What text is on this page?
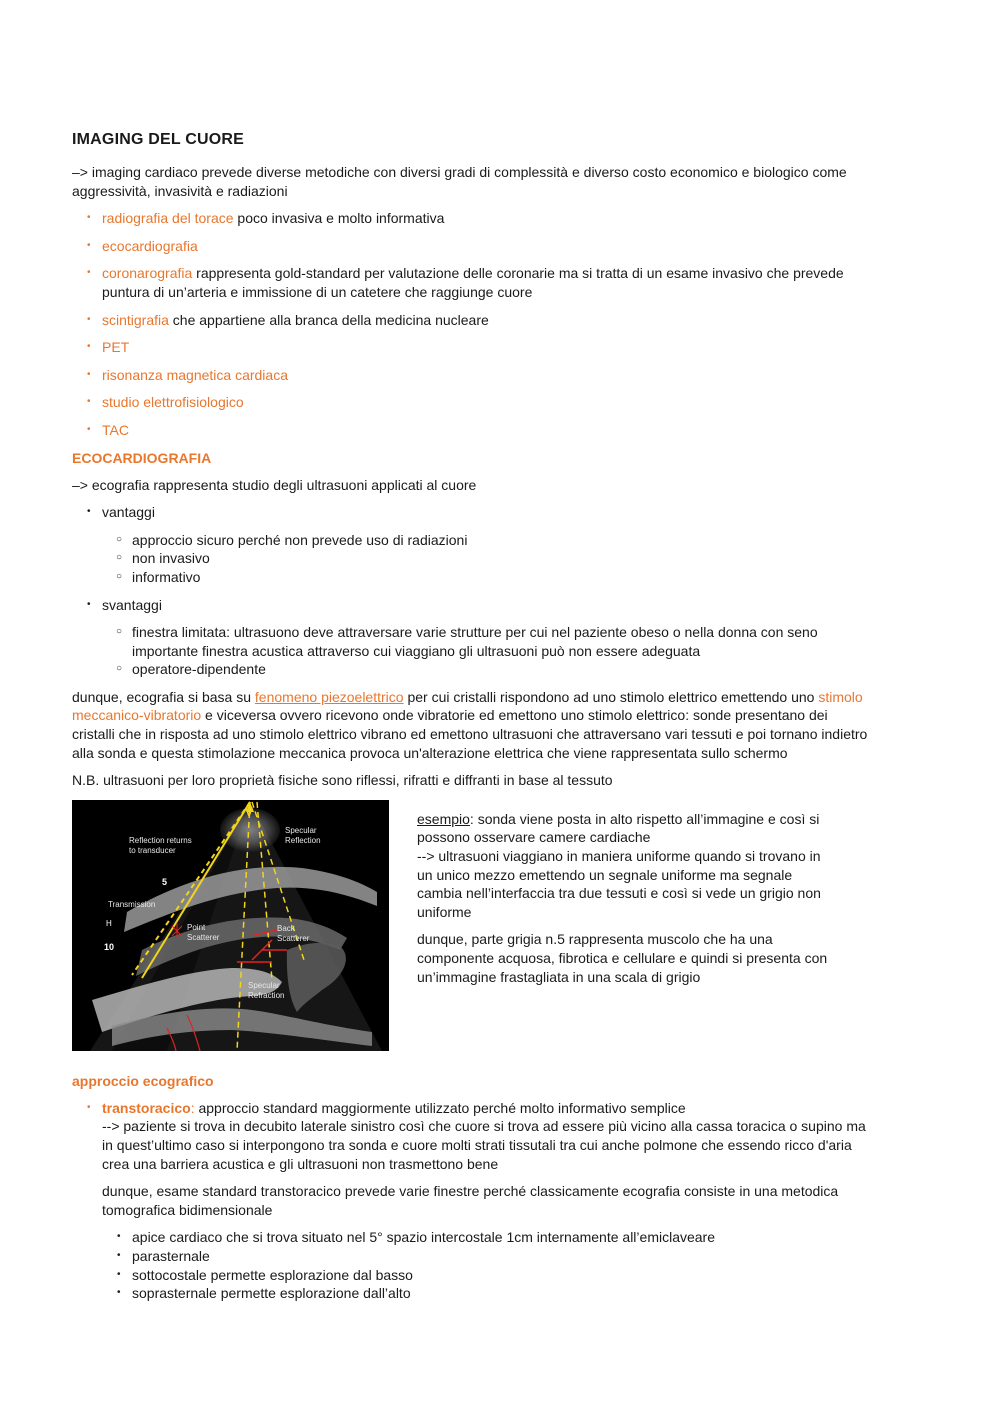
IMAGING DEL CUORE

–> imaging cardiaco prevede diverse metodiche con diversi gradi di complessità e diverso costo economico e biologico come aggressività, invasività e radiazioni

• radiografia del torace poco invasiva e molto informativa
• ecocardiografia
• coronarografia rappresenta gold-standard per valutazione delle coronarie ma si tratta di un esame invasivo che prevede puntura di un’arteria e immissione di un catetere che raggiunge cuore
• scintigrafia che appartiene alla branca della medicina nucleare
• PET
• risonanza magnetica cardiaca
• studio elettrofisiologico
• TAC
ECOCARDIOGRAFIA

–> ecografia rappresenta studio degli ultrasuoni applicati al cuore

• vantaggi
○ approccio sicuro perché non prevede uso di radiazioni
○ non invasivo
○ informativo
• svantaggi
○ finestra limitata: ultrasuono deve attraversare varie strutture per cui nel paziente obeso o nella donna con seno importante finestra acustica attraverso cui viaggiano gli ultrasuoni può non essere adeguata
○ operatore-dipendente

dunque, ecografia si basa su fenomeno piezoelettrico per cui cristalli rispondono ad uno stimolo elettrico emettendo uno stimolo meccanico-vibratorio e viceversa ovvero ricevono onde vibratorie ed emettono uno stimolo elettrico: sonde presentano dei cristalli che in risposta ad uno stimolo elettrico vibrano ed emettono ultrasuoni che attraversano vari tessuti e poi tornano indietro alla sonda e questa stimolazione meccanica provoca un'alterazione elettrica che viene rappresentata sullo schermo

N.B. ultrasuoni per loro proprietà fisiche sono riflessi, rifratti e diffranti in base al tessuto

V
Specular
Reflection
Reflection returns
to transducer
5
Transmission
Point
Scatterer
Back
Scatterer
H
10
Specular
Refraction

esempio: sonda viene posta in alto rispetto all’immagine e così si possono osservare camere cardiache
--> ultrasuoni viaggiano in maniera uniforme quando si trovano in un unico mezzo emettendo un segnale uniforme ma segnale cambia nell’interfaccia tra due tessuti e così si vede un grigio non uniforme

dunque, parte grigia n.5 rappresenta muscolo che ha una componente acquosa, fibrotica e cellulare e quindi si presenta con un’immagine frastagliata in una scala di grigio

approccio ecografico

• transtoracico: approccio standard maggiormente utilizzato perché molto informativo semplice
--> paziente si trova in decubito laterale sinistro così che cuore si trova ad essere più vicino alla cassa toracica o supino ma in quest’ultimo caso si interpongono tra sonda e cuore molti strati tissutali tra cui anche polmone che essendo ricco d'aria crea una barriera acustica e gli ultrasuoni non trasmettono bene

dunque, esame standard transtoracico prevede varie finestre perché classicamente ecografia consiste in una metodica tomografica bidimensionale

• apice cardiaco che si trova situato nel 5° spazio intercostale 1cm internamente all’emiclaveare
• parasternale
• sottocostale permette esplorazione dal basso
• soprasternale permette esplorazione dall’alto
